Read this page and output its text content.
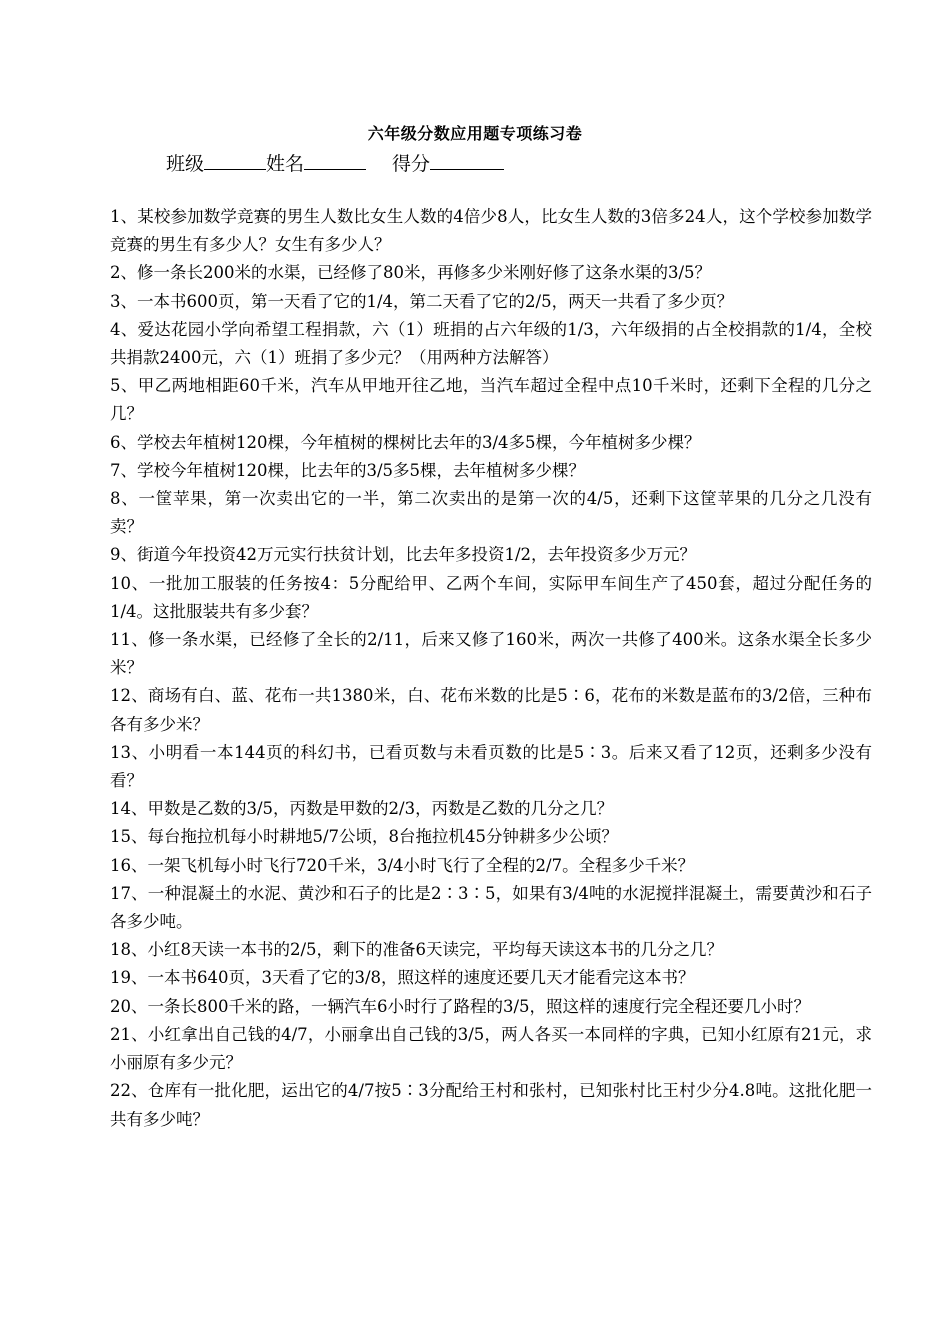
六年级分数应用题专项练习卷
班级	姓名	得分

1、某校参加数学竞赛的男生人数比女生人数的4倍少8人，比女生人数的3倍多24人，这个学校参加数学竞赛的男生有多少人？女生有多少人？

2、修一条长200米的水渠，已经修了80米，再修多少米刚好修了这条水渠的3/5？

3、一本书600页，第一天看了它的1/4，第二天看了它的2/5，两天一共看了多少页？

4、爱达花园小学向希望工程捐款，六（1）班捐的占六年级的1/3，六年级捐的占全校捐款的1/4，全校共捐款2400元，六（1）班捐了多少元？（用两种方法解答）

5、甲乙两地相距60千米，汽车从甲地开往乙地，当汽车超过全程中点10千米时，还剩下全程的几分之几？

6、学校去年植树120棵，今年植树的棵树比去年的3/4多5棵，今年植树多少棵？

7、学校今年植树120棵，比去年的3/5多5棵，去年植树多少棵？

8、一筐苹果，第一次卖出它的一半，第二次卖出的是第一次的4/5，还剩下这筐苹果的几分之几没有卖？

9、街道今年投资42万元实行扶贫计划，比去年多投资1/2，去年投资多少万元？

10、一批加工服装的任务按4：5分配给甲、乙两个车间，实际甲车间生产了450套，超过分配任务的1/4。这批服装共有多少套？

11、修一条水渠，已经修了全长的2/11，后来又修了160米，两次一共修了400米。这条水渠全长多少米？

12、商场有白、蓝、花布一共1380米，白、花布米数的比是5∶6，花布的米数是蓝布的3/2倍，三种布各有多少米？

13、小明看一本144页的科幻书，已看页数与未看页数的比是5∶3。后来又看了12页，还剩多少没有看？

14、甲数是乙数的3/5，丙数是甲数的2/3，丙数是乙数的几分之几？

15、每台拖拉机每小时耕地5/7公顷，8台拖拉机45分钟耕多少公顷？

16、一架飞机每小时飞行720千米，3/4小时飞行了全程的2/7。全程多少千米？

17、一种混凝土的水泥、黄沙和石子的比是2∶3∶5，如果有3/4吨的水泥搅拌混凝土，需要黄沙和石子各多少吨。

18、小红8天读一本书的2/5，剩下的准备6天读完，平均每天读这本书的几分之几？

19、一本书640页，3天看了它的3/8，照这样的速度还要几天才能看完这本书？

20、一条长800千米的路，一辆汽车6小时行了路程的3/5，照这样的速度行完全程还要几小时？

21、小红拿出自己钱的4/7，小丽拿出自己钱的3/5，两人各买一本同样的字典，已知小红原有21元，求小丽原有多少元？

22、仓库有一批化肥，运出它的4/7按5∶3分配给王村和张村，已知张村比王村少分4.8吨。这批化肥一共有多少吨？
